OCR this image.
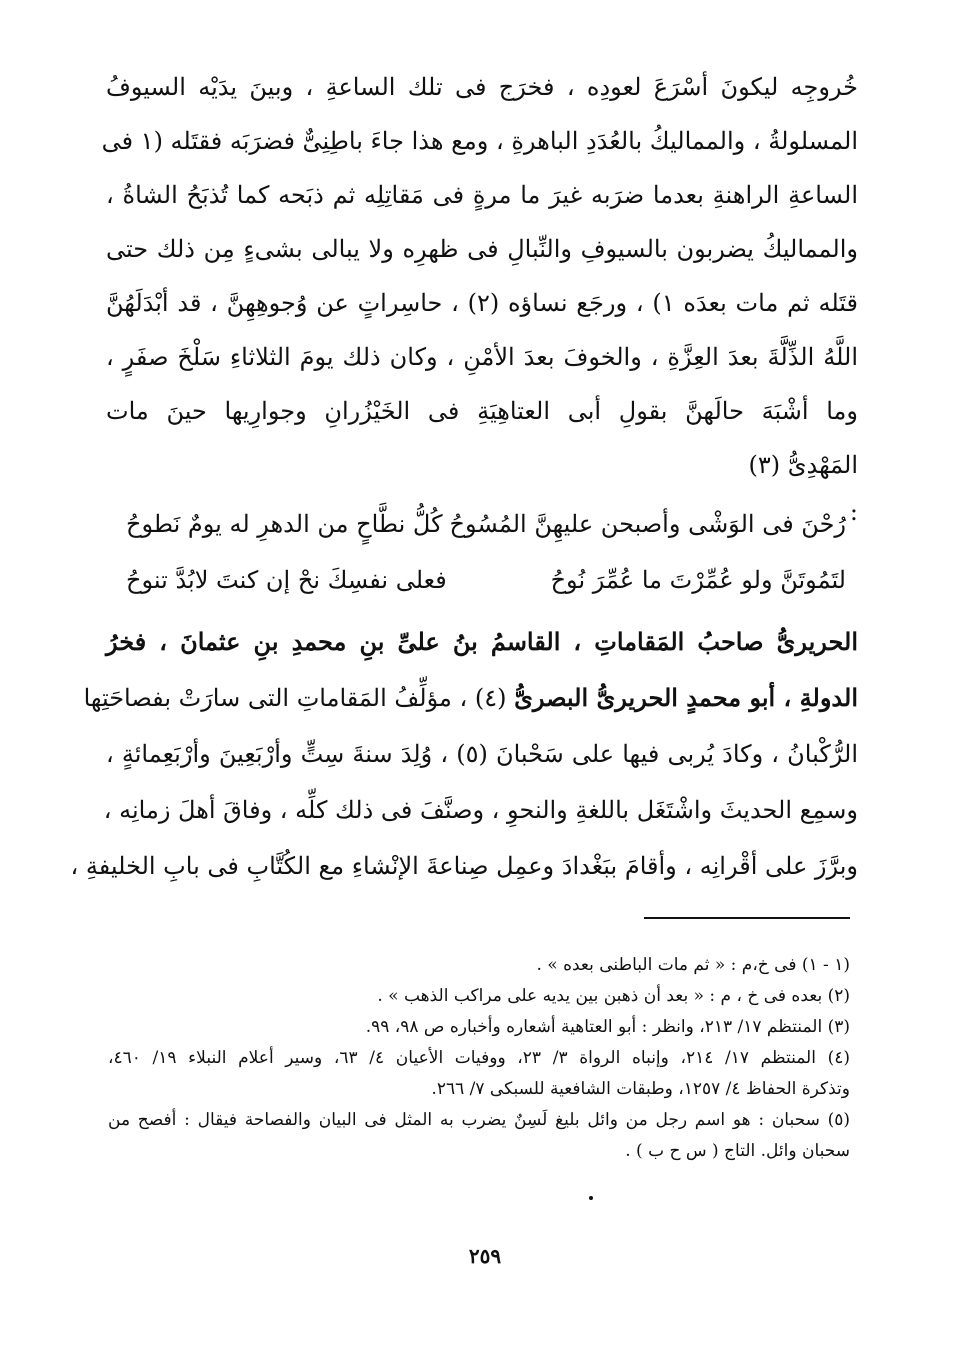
خُروجِه ليكونَ أسْرَعَ لعودِه ، فخرَج فى تلك الساعةِ ، وبينَ يدَيْه السيوفُ
المسلولةُ ، والمماليكُ بالعُدَدِ الباهرةِ ، ومع هذا جاءَ باطِنِىٌّ فضرَبَه فقتَله (١ فى
الساعةِ الراهنةِ بعدما ضرَبه غيرَ ما مرةٍ فى مَقاتِلِه ثم ذبَحه كما تُذبَحُ الشاةُ ،
والمماليكُ يضربون بالسيوفِ والنِّبالِ فى ظهرِه ولا يبالى بشىءٍ مِن ذلك حتى
قتَله ثم مات بعدَه ١) ، ورجَع نساؤه (٢) ، حاسِراتٍ عن وُجوهِهِنَّ ، قد أبْدَلَهُنَّ
اللَّهُ الذِّلَّةَ بعدَ العِزَّةِ ، والخوفَ بعدَ الأمْنِ ، وكان ذلك يومَ الثلاثاءِ سَلْخَ صفَرٍ ،
وما أشْبَهَ حالَهنَّ بقولِ أبى العتاهِيَةِ فى الخَيْزُرانِ وجوارِيها حينَ مات
المَهْدِىُّ (٣)
:
رُحْنَ فى الوَشْى وأصبحن عليهِنَّ المُسُوحُ
كُلُّ نطَّاحٍ من الدهرِ له يومٌ نَطوحُ
لتَمُوتَنَّ ولو عُمِّرْتَ ما عُمِّرَ نُوحُ
فعلى نفسِكَ نحْ إن كنتَ لابُدَّ تنوحُ
الحريرىُّ صاحبُ المَقاماتِ ، القاسمُ بنُ علىِّ بنِ محمدِ بنِ عثمانَ ، فخرُ
الدولةِ ، أبو محمدٍ الحريرىُّ البصرىُّ (٤) ، مؤلِّفُ المَقاماتِ التى سارَتْ بفصاحَتِها
الرُّكْبانُ ، وكادَ يُربى فيها على سَحْبانَ (٥) ، وُلِدَ سنةَ سِتٍّ وأرْبَعِينَ وأرْبَعِمائةٍ ،
وسمِع الحديثَ واشْتَغَل باللغةِ والنحوِ ، وصنَّفَ فى ذلك كلِّه ، وفاقَ أهلَ زمانِه ،
وبرَّزَ على أقْرانِه ، وأقامَ ببَغْدادَ وعمِل صِناعةَ الإنْشاءِ مع الكُتَّابِ فى بابِ الخليفةِ ،
(١ - ١) فى خ،م : « ثم مات الباطنى بعده » .
(٢) بعده فى خ ، م : « بعد أن ذهبن بين يديه على مراكب الذهب » .
(٣) المنتظم ١٧/ ٢١٣، وانظر : أبو العتاهية أشعاره وأخباره ص ٩٨، ٩٩.
(٤) المنتظم ١٧/ ٢١٤، وإنباه الرواة ٣/ ٢٣، ووفيات الأعيان ٤/ ٦٣، وسير أعلام النبلاء ١٩/ ٤٦٠،
وتذكرة الحفاظ ٤/ ١٢٥٧، وطبقات الشافعية للسبكى ٧/ ٢٦٦.
(٥) سحبان : هو اسم رجل من وائل بليغ لَسِنٌ يضرب به المثل فى البيان والفصاحة فيقال : أفصح من
سحبان وائل. التاج ( س ح ب ) .
٢٥٩
